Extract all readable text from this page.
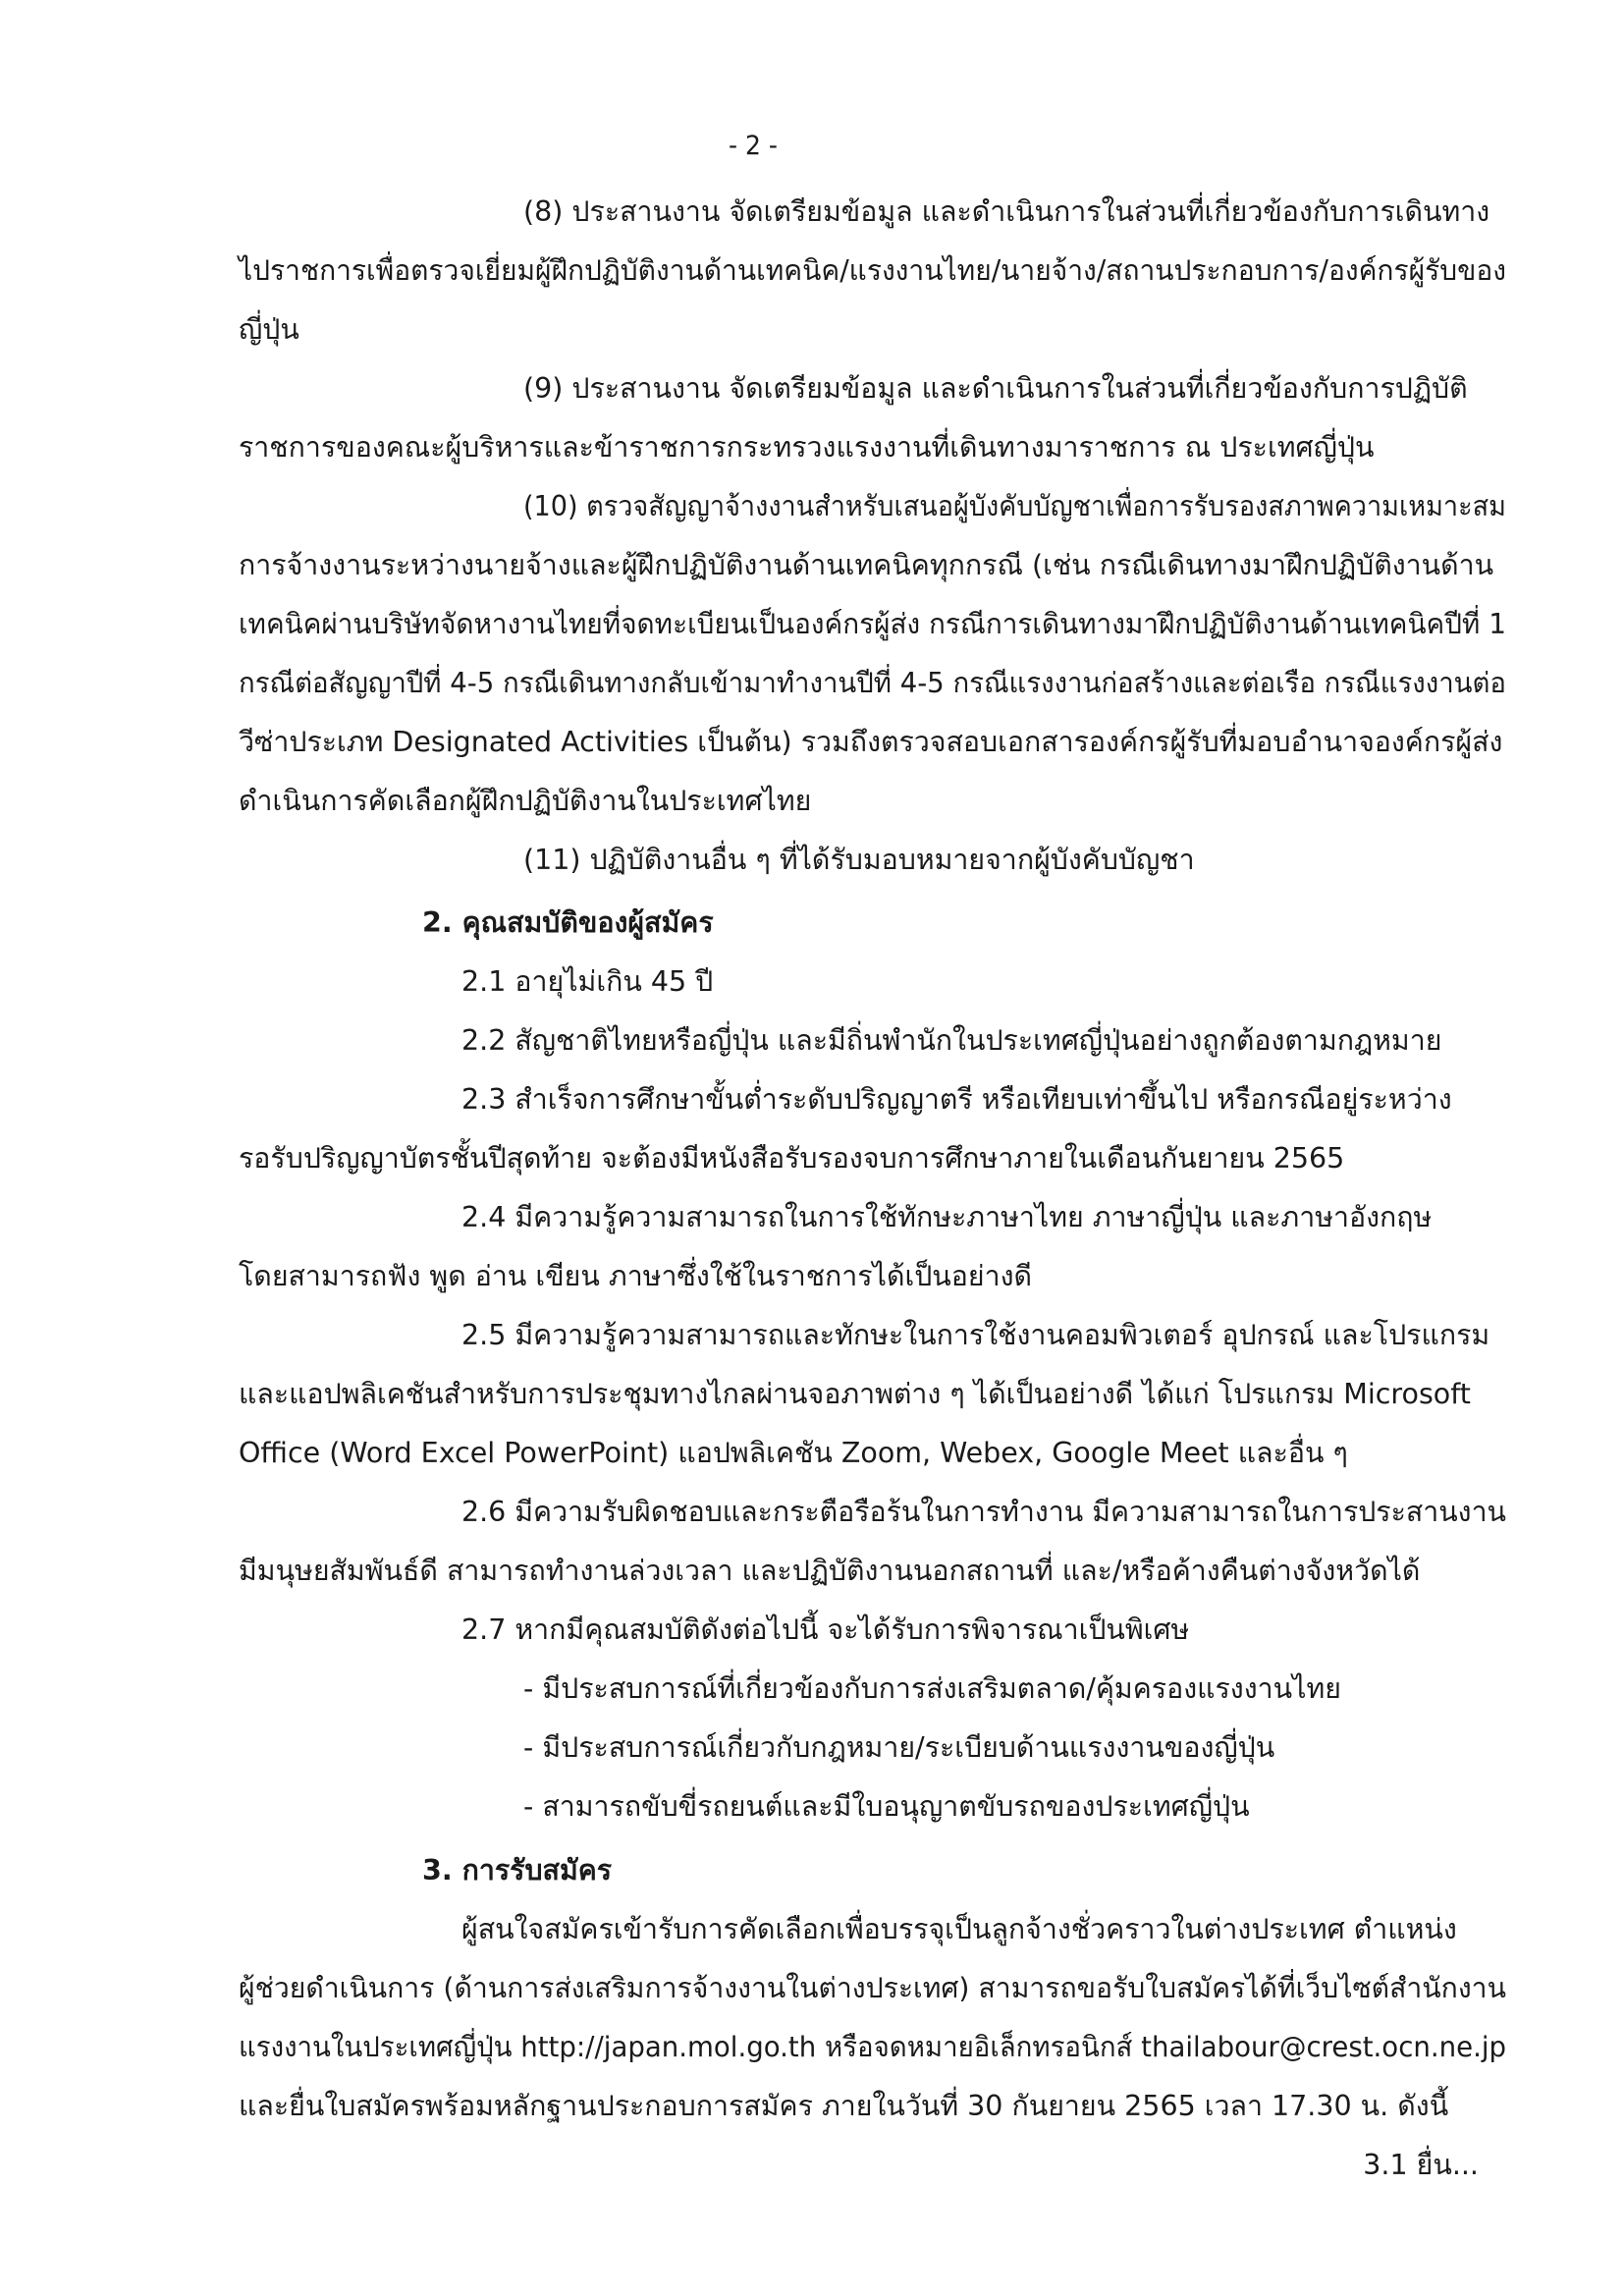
- 2 -
(8) ประสานงาน จัดเตรียมข้อมูล และดำเนินการในส่วนที่เกี่ยวข้องกับการเดินทาง
ไปราชการเพื่อตรวจเยี่ยมผู้ฝึกปฏิบัติงานด้านเทคนิค/แรงงานไทย/นายจ้าง/สถานประกอบการ/องค์กรผู้รับของ
ญี่ปุ่น
(9) ประสานงาน จัดเตรียมข้อมูล และดำเนินการในส่วนที่เกี่ยวข้องกับการปฏิบัติ
ราชการของคณะผู้บริหารและข้าราชการกระทรวงแรงงานที่เดินทางมาราชการ ณ ประเทศญี่ปุ่น
(10) ตรวจสัญญาจ้างงานสำหรับเสนอผู้บังคับบัญชาเพื่อการรับรองสภาพความเหมาะสม
การจ้างงานระหว่างนายจ้างและผู้ฝึกปฏิบัติงานด้านเทคนิคทุกกรณี (เช่น กรณีเดินทางมาฝึกปฏิบัติงานด้าน
เทคนิคผ่านบริษัทจัดหางานไทยที่จดทะเบียนเป็นองค์กรผู้ส่ง กรณีการเดินทางมาฝึกปฏิบัติงานด้านเทคนิคปีที่ 1
กรณีต่อสัญญาปีที่ 4-5 กรณีเดินทางกลับเข้ามาทำงานปีที่ 4-5 กรณีแรงงานก่อสร้างและต่อเรือ กรณีแรงงานต่อ
วีซ่าประเภท Designated Activities เป็นต้น) รวมถึงตรวจสอบเอกสารองค์กรผู้รับที่มอบอำนาจองค์กรผู้ส่ง
ดำเนินการคัดเลือกผู้ฝึกปฏิบัติงานในประเทศไทย
(11) ปฏิบัติงานอื่น ๆ ที่ได้รับมอบหมายจากผู้บังคับบัญชา
2. คุณสมบัติของผู้สมัคร
2.1 อายุไม่เกิน 45 ปี
2.2 สัญชาติไทยหรือญี่ปุ่น และมีถิ่นพำนักในประเทศญี่ปุ่นอย่างถูกต้องตามกฎหมาย
2.3 สำเร็จการศึกษาขั้นต่ำระดับปริญญาตรี หรือเทียบเท่าขึ้นไป หรือกรณีอยู่ระหว่าง
รอรับปริญญาบัตรชั้นปีสุดท้าย จะต้องมีหนังสือรับรองจบการศึกษาภายในเดือนกันยายน 2565
2.4 มีความรู้ความสามารถในการใช้ทักษะภาษาไทย ภาษาญี่ปุ่น และภาษาอังกฤษ
โดยสามารถฟัง พูด อ่าน เขียน ภาษาซึ่งใช้ในราชการได้เป็นอย่างดี
2.5 มีความรู้ความสามารถและทักษะในการใช้งานคอมพิวเตอร์ อุปกรณ์ และโปรแกรม
และแอปพลิเคชันสำหรับการประชุมทางไกลผ่านจอภาพต่าง ๆ ได้เป็นอย่างดี ได้แก่ โปรแกรม Microsoft
Office (Word Excel PowerPoint) แอปพลิเคชัน Zoom, Webex, Google Meet และอื่น ๆ
2.6 มีความรับผิดชอบและกระตือรือร้นในการทำงาน มีความสามารถในการประสานงาน
มีมนุษยสัมพันธ์ดี สามารถทำงานล่วงเวลา และปฏิบัติงานนอกสถานที่ และ/หรือค้างคืนต่างจังหวัดได้
2.7 หากมีคุณสมบัติดังต่อไปนี้ จะได้รับการพิจารณาเป็นพิเศษ
- มีประสบการณ์ที่เกี่ยวข้องกับการส่งเสริมตลาด/คุ้มครองแรงงานไทย
- มีประสบการณ์เกี่ยวกับกฎหมาย/ระเบียบด้านแรงงานของญี่ปุ่น
- สามารถขับขี่รถยนต์และมีใบอนุญาตขับรถของประเทศญี่ปุ่น
3. การรับสมัคร
ผู้สนใจสมัครเข้ารับการคัดเลือกเพื่อบรรจุเป็นลูกจ้างชั่วคราวในต่างประเทศ ตำแหน่ง
ผู้ช่วยดำเนินการ (ด้านการส่งเสริมการจ้างงานในต่างประเทศ) สามารถขอรับใบสมัครได้ที่เว็บไซต์สำนักงาน
แรงงานในประเทศญี่ปุ่น http://japan.mol.go.th หรือจดหมายอิเล็กทรอนิกส์ thailabour@crest.ocn.ne.jp
และยื่นใบสมัครพร้อมหลักฐานประกอบการสมัคร ภายในวันที่ 30 กันยายน 2565 เวลา 17.30 น. ดังนี้
3.1 ยื่น...
